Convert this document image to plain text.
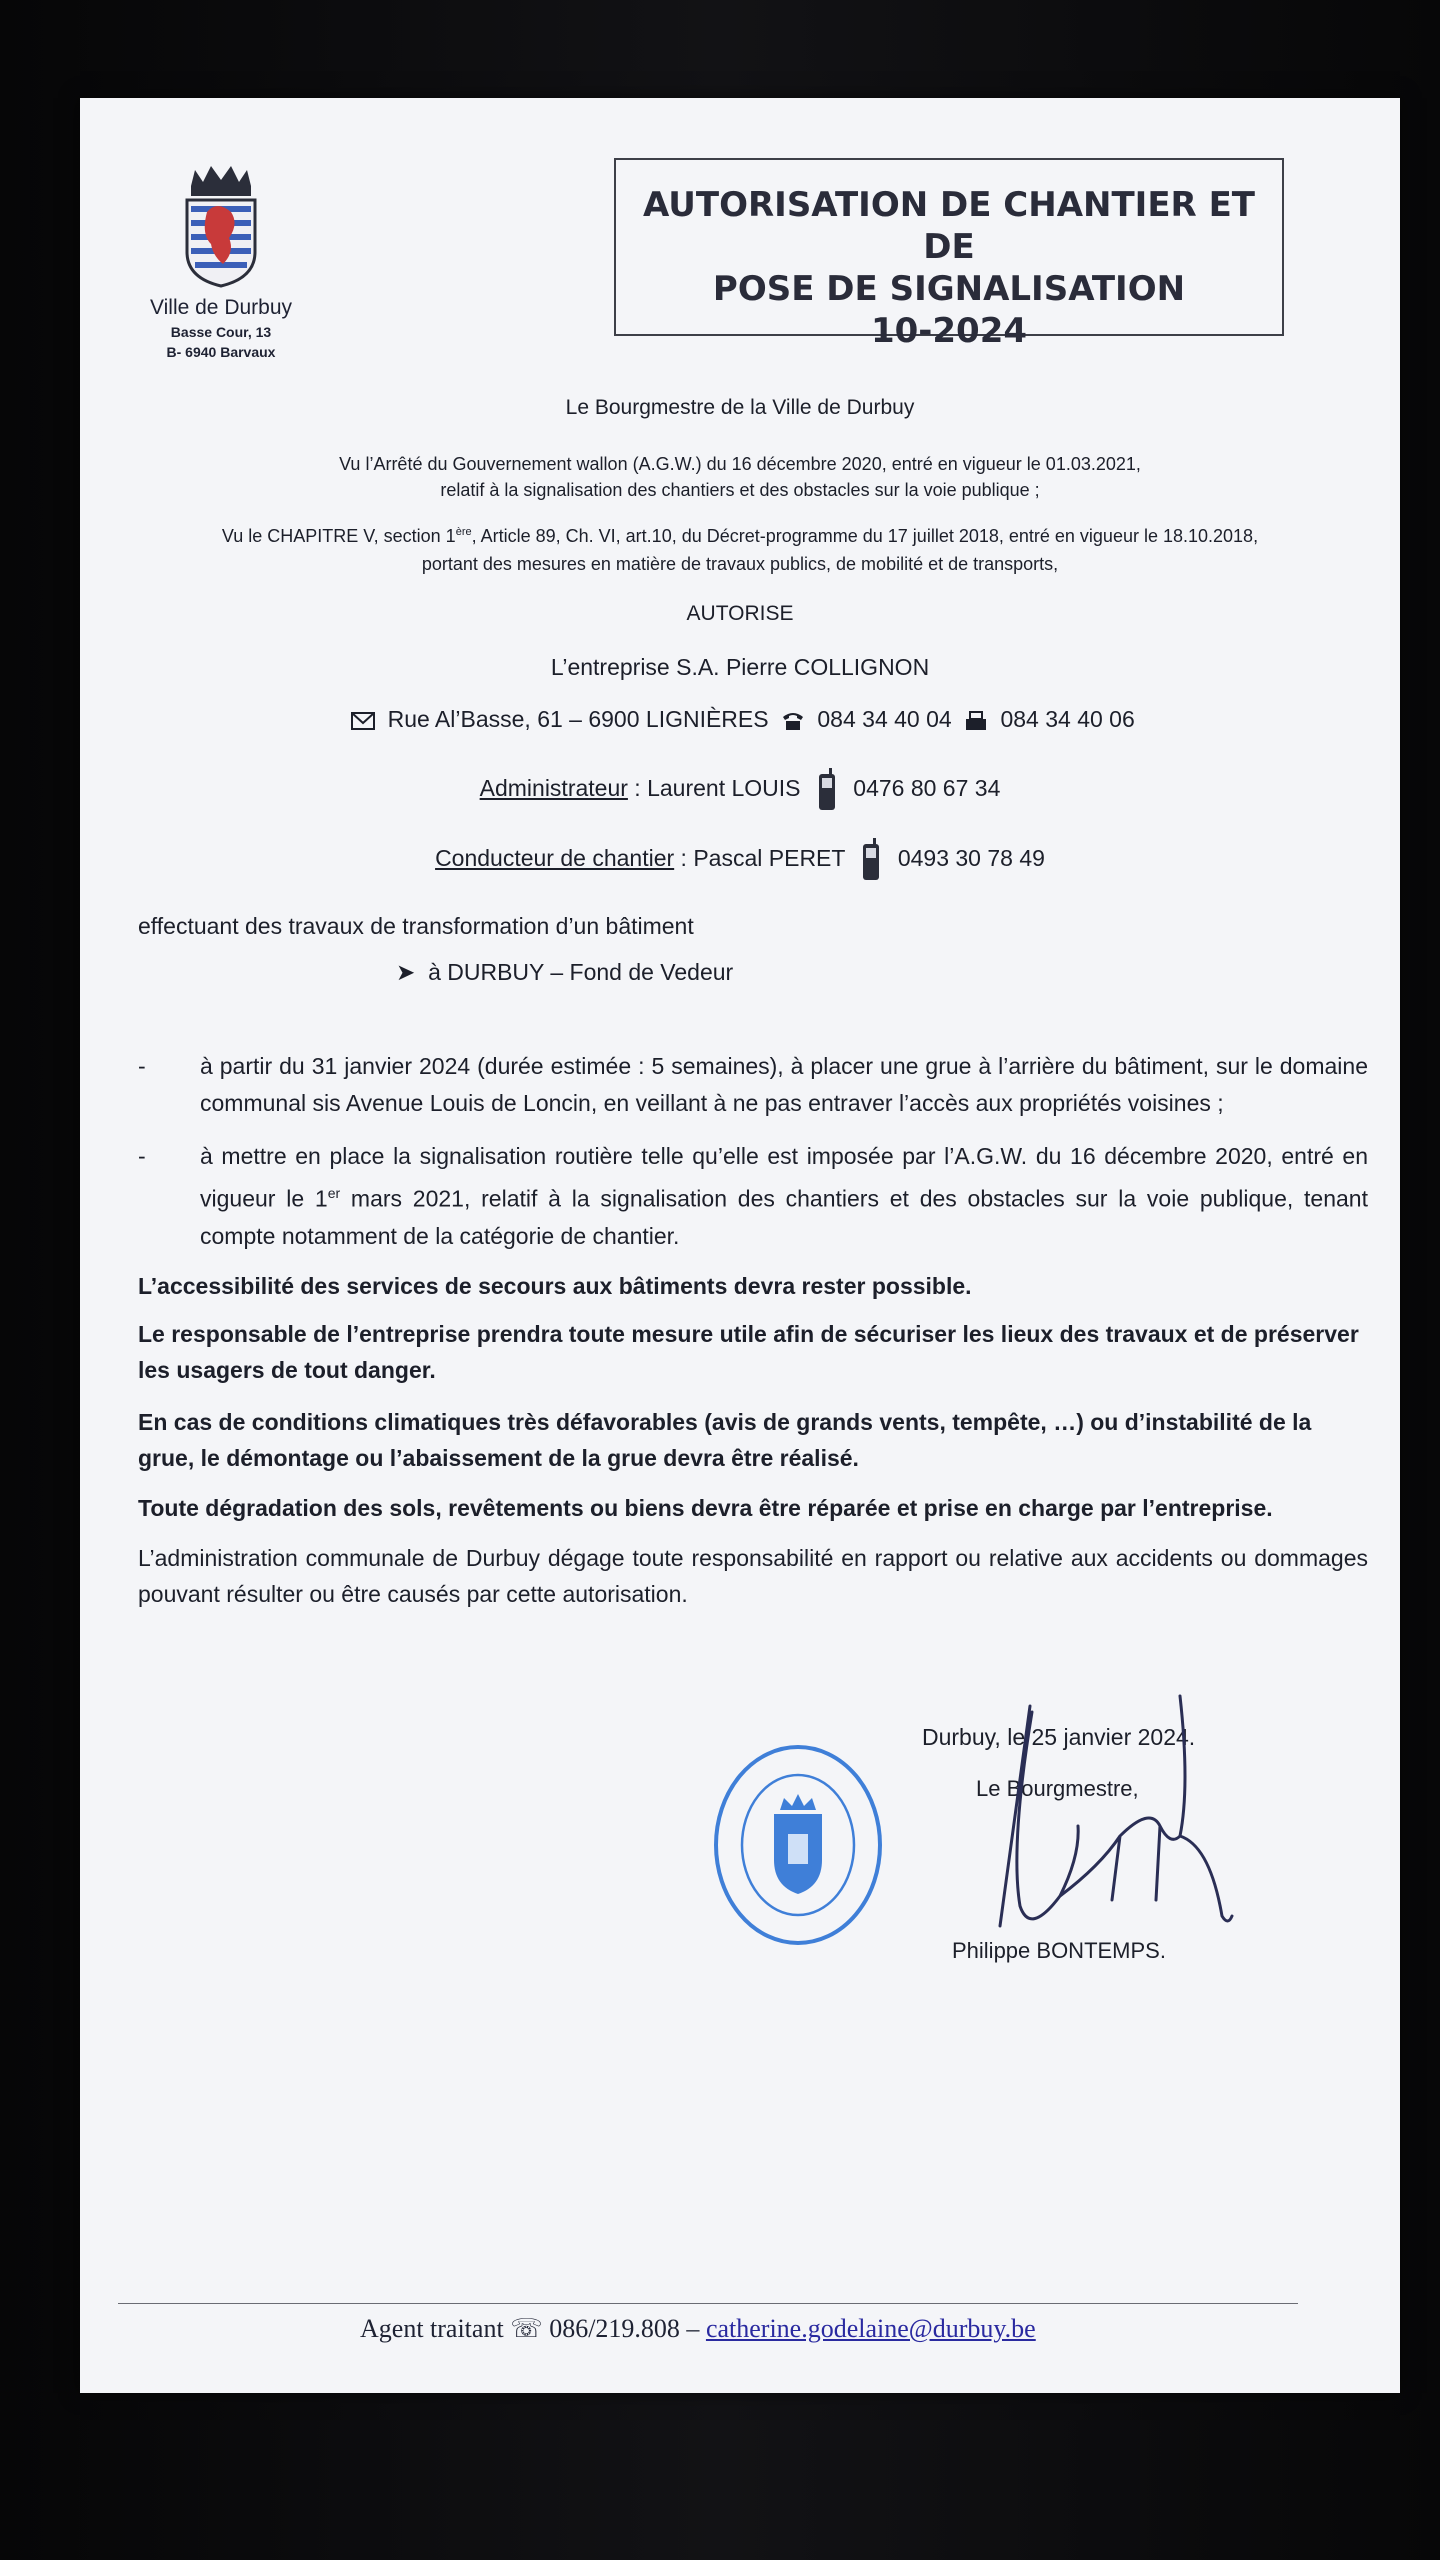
Ville de Durbuy
Basse Cour, 13
B- 6940 Barvaux
AUTORISATION DE CHANTIER ET DE
POSE DE SIGNALISATION
10-2024
Le Bourgmestre de la Ville de Durbuy
Vu l’Arrêté du Gouvernement wallon (A.G.W.) du 16 décembre 2020, entré en vigueur le 01.03.2021,
relatif à la signalisation des chantiers et des obstacles sur la voie publique ;
Vu le CHAPITRE V, section 1ère, Article 89, Ch. VI, art.10, du Décret-programme du 17 juillet 2018, entré en vigueur le 18.10.2018,
portant des mesures en matière de travaux publics, de mobilité et de transports,
AUTORISE
L’entreprise S.A. Pierre COLLIGNON
Rue Al’Basse, 61 – 6900 LIGNIÈRES 084 34 40 04 084 34 40 06
Administrateur : Laurent LOUIS 0476 80 67 34
Conducteur de chantier : Pascal PERET 0493 30 78 49
effectuant des travaux de transformation d’un bâtiment
➤  à DURBUY – Fond de Vedeur
- à partir du 31 janvier 2024 (durée estimée : 5 semaines), à placer une grue à l’arrière du bâtiment, sur le domaine communal sis Avenue Louis de Loncin, en veillant à ne pas entraver l’accès aux propriétés voisines ;
- à mettre en place la signalisation routière telle qu’elle est imposée par l’A.G.W. du 16 décembre 2020, entré en vigueur le 1er mars 2021, relatif à la signalisation des chantiers et des obstacles sur la voie publique, tenant compte notamment de la catégorie de chantier.
L’accessibilité des services de secours aux bâtiments devra rester possible.
Le responsable de l’entreprise prendra toute mesure utile afin de sécuriser les lieux des travaux et de préserver les usagers de tout danger.
En cas de conditions climatiques très défavorables (avis de grands vents, tempête, …) ou d’instabilité de la grue, le démontage ou l’abaissement de la grue devra être réalisé.
Toute dégradation des sols, revêtements ou biens devra être réparée et prise en charge par l’entreprise.
L’administration communale de Durbuy dégage toute responsabilité en rapport ou relative aux accidents ou dommages pouvant résulter ou être causés par cette autorisation.
Durbuy, le 25 janvier 2024.
Le Bourgmestre,
Philippe BONTEMPS.
Agent traitant ☏ 086/219.808 – catherine.godelaine@durbuy.be
